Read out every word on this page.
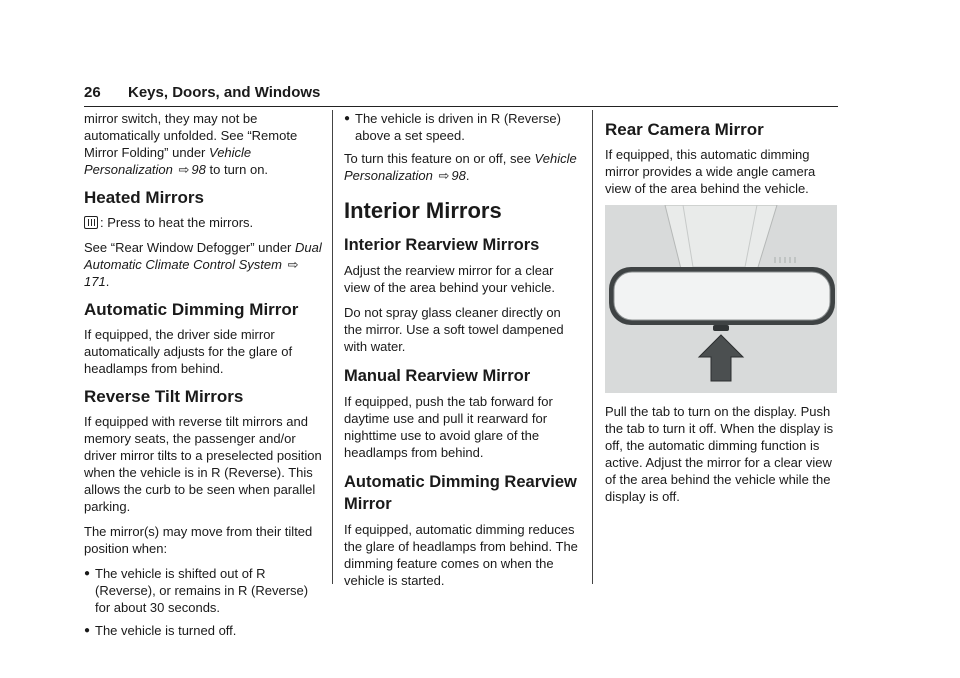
26 Keys, Doors, and Windows

mirror switch, they may not be automatically unfolded. See “Remote Mirror Folding” under Vehicle Personalization ⇨ 98 to turn on.

Heated Mirrors

: Press to heat the mirrors.

See “Rear Window Defogger” under Dual Automatic Climate Control System ⇨171.

Automatic Dimming Mirror

If equipped, the driver side mirror automatically adjusts for the glare of headlamps from behind.

Reverse Tilt Mirrors

If equipped with reverse tilt mirrors and memory seats, the passenger and/or driver mirror tilts to a preselected position when the vehicle is in R (Reverse). This allows the curb to be seen when parallel parking.

The mirror(s) may move from their tilted position when:

● The vehicle is shifted out of R (Reverse), or remains in R (Reverse) for about 30 seconds.
● The vehicle is turned off.
● The vehicle is driven in R (Reverse) above a set speed.

To turn this feature on or off, see Vehicle Personalization ⇨ 98.

Interior Mirrors
Interior Rearview Mirrors

Adjust the rearview mirror for a clear view of the area behind your vehicle.

Do not spray glass cleaner directly on the mirror. Use a soft towel dampened with water.

Manual Rearview Mirror

If equipped, push the tab forward for daytime use and pull it rearward for nighttime use to avoid glare of the headlamps from behind.

Automatic Dimming Rearview Mirror

If equipped, automatic dimming reduces the glare of headlamps from behind. The dimming feature comes on when the vehicle is started.

Rear Camera Mirror

If equipped, this automatic dimming mirror provides a wide angle camera view of the area behind the vehicle.

Pull the tab to turn on the display. Push the tab to turn it off. When the display is off, the automatic dimming function is active. Adjust the mirror for a clear view of the area behind the vehicle while the display is off.
